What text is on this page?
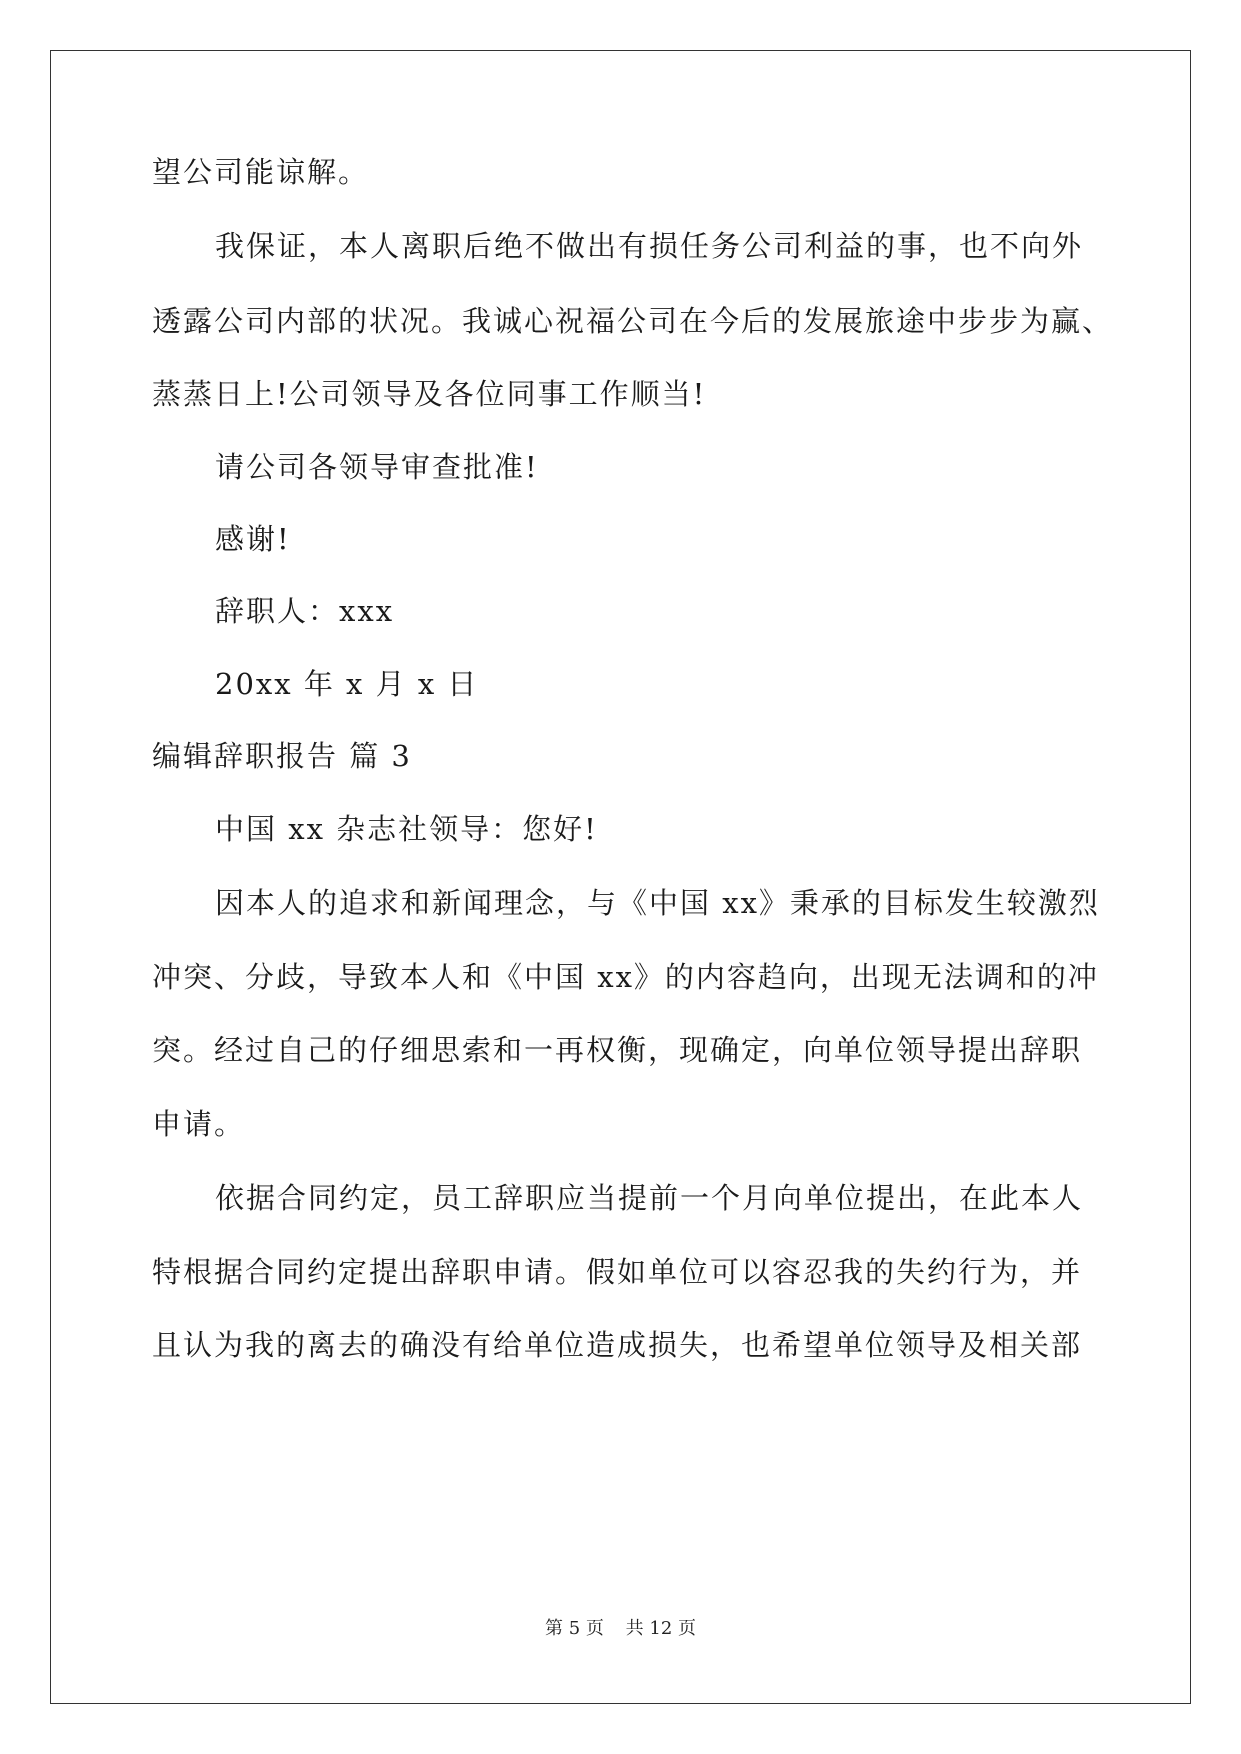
望公司能谅解。
我保证，本人离职后绝不做出有损任务公司利益的事，也不向外
透露公司内部的状况。我诚心祝福公司在今后的发展旅途中步步为赢、
蒸蒸日上!公司领导及各位同事工作顺当!
请公司各领导审查批准!
感谢!
辞职人：xxx
20xx 年 x 月 x 日
编辑辞职报告 篇 3
中国 xx 杂志社领导：您好!
因本人的追求和新闻理念，与《中国 xx》秉承的目标发生较激烈
冲突、分歧，导致本人和《中国 xx》的内容趋向，出现无法调和的冲
突。经过自己的仔细思索和一再权衡，现确定，向单位领导提出辞职
申请。
依据合同约定，员工辞职应当提前一个月向单位提出，在此本人
特根据合同约定提出辞职申请。假如单位可以容忍我的失约行为，并
且认为我的离去的确没有给单位造成损失，也希望单位领导及相关部
第 5 页 共 12 页
